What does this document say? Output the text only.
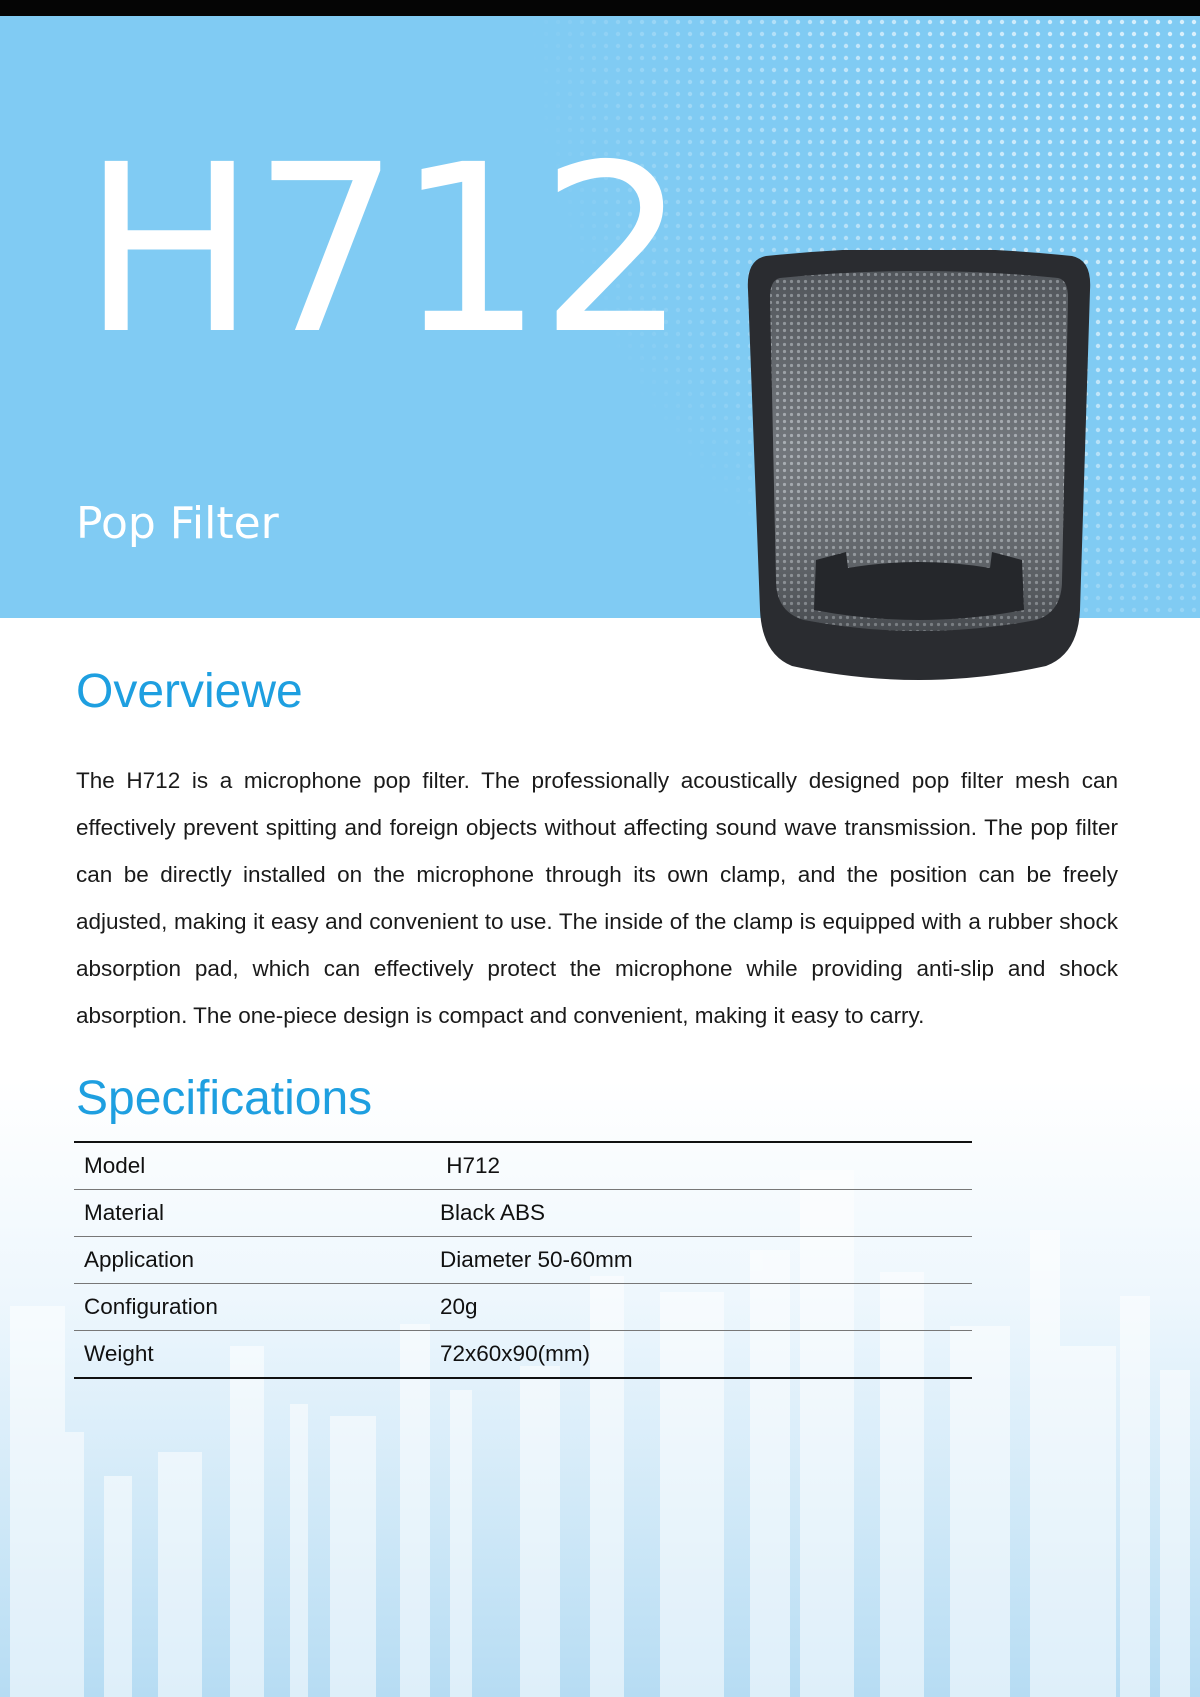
H712
Pop Filter
Overviewe

The H712 is a microphone pop filter. The professionally acoustically designed pop filter mesh can effectively prevent spitting and foreign objects without affecting sound wave transmission. The pop filter can be directly installed on the microphone through its own clamp, and the position can be freely adjusted, making it easy and convenient to use. The inside of the clamp is equipped with a rubber shock absorption pad, which can effectively protect the microphone while providing anti-slip and shock absorption. The one-piece design is compact and convenient, making it easy to carry.

Specifications
Model	H712
Material	Black ABS
Application	Diameter 50-60mm
Configuration	20g
Weight	72x60x90(mm)
